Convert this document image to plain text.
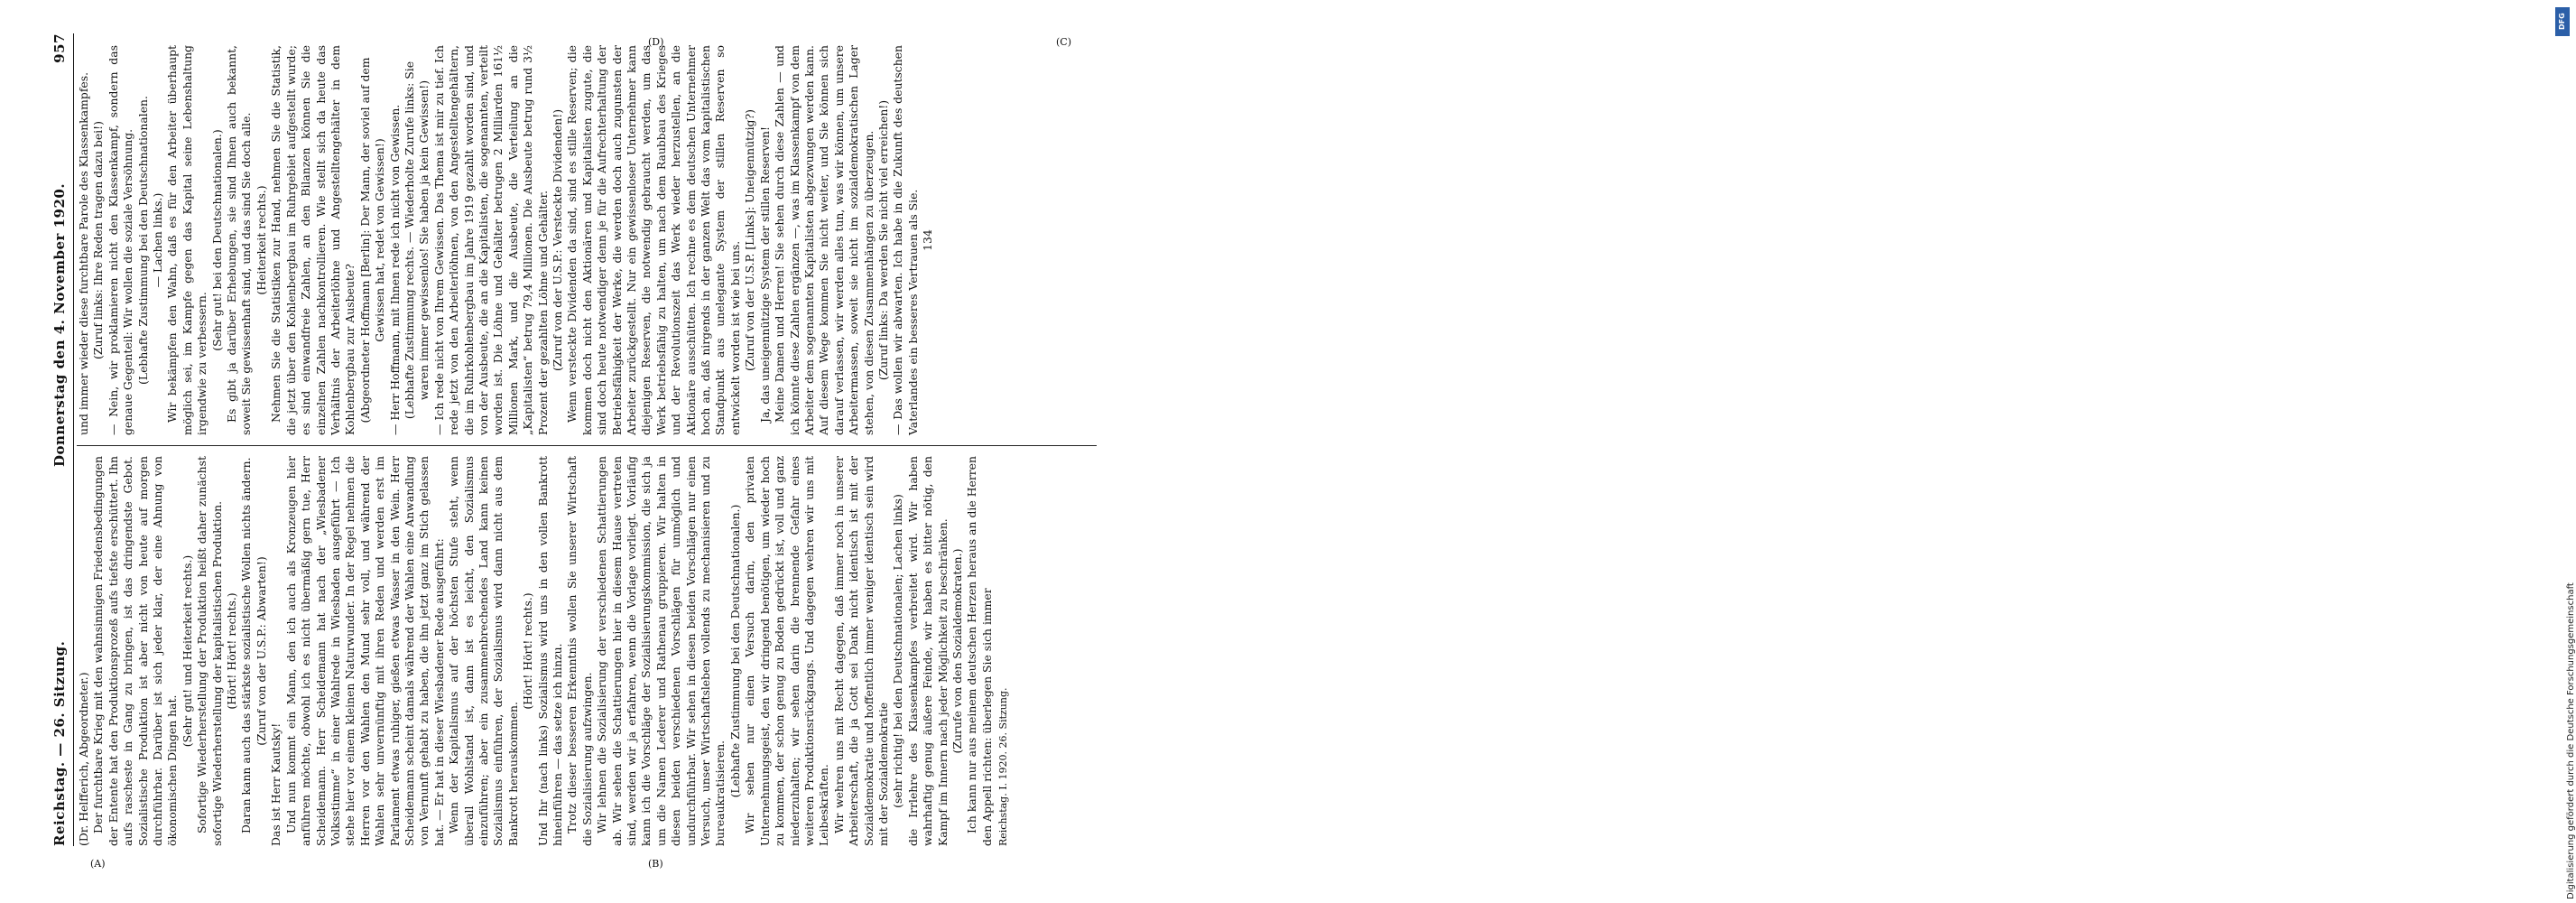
Reichstag. — 26. Sitzung.
Donnerstag den 4. November 1920.
957

(Dr. Helfferich, Abgeordneter.) Der furchtbare Krieg mit den wahnsinnigen Friedensbedingungen der Entente hat den Produktionsprozeß aufs tiefste erschüttert. Ihn aufs rascheste in Gang zu bringen, ist das dringendste Gebot. Sozialistische Produktion ist aber nicht von heute auf morgen durchführbar. Darüber ist sich jeder klar, der eine Ahnung von ökonomischen Dingen hat.

(Sehr gut! und Heiterkeit rechts.) Sofortige Wiederherstellung der Produktion heißt daher zunächst sofortige Wiederherstellung der kapitalistischen Produktion. (Hört! Hört! rechts.) Daran kann auch das stärkste sozialistische Wollen nichts ändern. (Zuruf von der U.S.P.: Abwarten!)

Das ist Herr Kautsky! Und nun kommt ein Mann, den ich auch als Kronzeugen hier anführen möchte, obwohl ich es nicht übermäßig gern tue, Herr Scheidemann. Herr Scheidemann hat nach der „Wiesbadener Volksstimme“ in einer Wahlrede in Wiesbaden ausgeführt — Ich stehe hier vor einem kleinen Naturwunder. In der Regel nehmen die Herren vor den Wahlen den Mund sehr voll, und während der Wahlen sehr unvernünftig mit ihren Reden und werden erst im Parlament etwas ruhiger, gießen etwas Wasser in den Wein. Herr Scheidemann scheint damals während der Wahlen eine Anwandlung von Vernunft gehabt zu haben, die ihn jetzt ganz im Stich gelassen hat. — Er hat in dieser Wiesbadener Rede ausgeführt: Wenn der Kapitalismus auf der höchsten Stufe steht, wenn überall Wohlstand ist, dann ist es leicht, den Sozialismus einzuführen; aber ein zusammenbrechendes Land kann keinen Sozialismus einführen, der Sozialismus wird dann nicht aus dem Bankrott herauskommen.

(Hört! Hört! rechts.) Und Ihr (nach links) Sozialismus wird uns in den vollen Bankrott hineinführen — das setze ich hinzu. Trotz dieser besseren Erkenntnis wollen Sie unserer Wirtschaft die Sozialisierung aufzwingen. Wir lehnen die Sozialisierung der verschiedenen Schattierungen ab. Wir sehen die Schattierungen hier in diesem Hause vertreten sind, werden wir ja erfahren, wenn die Vorlage vorliegt. Vorläufig kann ich die Vorschläge der Sozialisierungskommission, die sich ja um die Namen Lederer und Rathenau gruppieren. Wir halten in diesen beiden verschiedenen Vorschlägen für unmöglich und undurchführbar. Wir sehen in diesen beiden Vorschlägen nur einen Versuch, unser Wirtschaftsleben vollends zu mechanisieren und zu bureaukratisieren. (Lebhafte Zustimmung bei den Deutschnationalen.) Wir sehen nur einen Versuch darin, den privaten Unternehmungsgeist, den wir dringend benötigen, um wieder hoch zu kommen, der schon genug zu Boden gedrückt ist, voll und ganz niederzuhalten; wir sehen darin die brennende Gefahr eines weiteren Produktionsrückgangs. Und dagegen wehren wir uns mit Leibeskräften. Wir wehren uns mit Recht dagegen, daß immer noch in unserer Arbeiterschaft, die ja Gott sei Dank nicht identisch ist mit der Sozialdemokratie und hoffentlich immer weniger identisch sein wird mit der Sozialdemokratie (sehr richtig! bei den Deutschnationalen; Lachen links) die Irrlehre des Klassenkampfes verbreitet wird. Wir haben wahrhaftig genug äußere Feinde, wir haben es bitter nötig, den Kampf im Innern nach jeder Möglichkeit zu beschränken. (Zurufe von den Sozialdemokraten.) Ich kann nur aus meinem deutschen Herzen heraus an die Herren den Appell richten: überlegen Sie sich immer Reichstag. I. 1920. 26. Sitzung.

und immer wieder diese furchtbare Parole des Klassenkampfes. (Zuruf links: Ihre Reden tragen dazu bei!) — Nein, wir proklamieren nicht den Klassenkampf, sondern das genaue Gegenteil: Wir wollen die soziale Versöhnung. (Lebhafte Zustimmung bei den Deutschnationalen. — Lachen links.) Wir bekämpfen den Wahn, daß es für den Arbeiter überhaupt möglich sei, im Kampfe gegen das Kapital seine Lebenshaltung irgendwie zu verbessern.

(Sehr gut! bei den Deutschnationalen.) Es gibt ja darüber Erhebungen, sie sind Ihnen auch bekannt, soweit Sie gewissenhaft sind, und das sind Sie doch alle. (Heiterkeit rechts.) Nehmen Sie die Statistiken zur Hand, nehmen Sie die Statistik, die jetzt über den Kohlenbergbau im Ruhrgebiet aufgestellt wurde; es sind einwandfreie Zahlen, an den Bilanzen können Sie die einzelnen Zahlen nachkontrollieren. Wie stellt sich da heute das Verhältnis der Arbeiterlöhne und Angestelltengehälter in dem Kohlenbergbau zur Ausbeute? (Abgeordneter Hoffmann [Berlin]: Der Mann, der soviel auf dem Gewissen hat, redet von Gewissen!) — Herr Hoffmann, mit Ihnen rede ich nicht von Gewissen. (Lebhafte Zustimmung rechts. — Wiederholte Zurufe links: Sie waren immer gewissenlos! Sie haben ja kein Gewissen!) — Ich rede nicht von Ihrem Gewissen. Das Thema ist mir zu tief. Ich rede jetzt von den Arbeiterlöhnen, von den Angestelltengehältern, die im Ruhrkohlenbergbau im Jahre 1919 gezahlt worden sind, und von der Ausbeute, die an die Kapitalisten, die sogenannten, verteilt worden ist. Die Löhne und Gehälter betrugen 2 Milliarden 161½ Millionen Mark, und die Ausbeute, die Verteilung an die „Kapitalisten“ betrug 79,4 Millionen. Die Ausbeute betrug rund 3½ Prozent der gezahlten Löhne und Gehälter. (Zuruf von der U.S.P.: Versteckte Dividenden!) Wenn versteckte Dividenden da sind, sind es stille Reserven; die kommen doch nicht den Aktionären und Kapitalisten zugute, die sind doch heute notwendiger denn je für die Aufrechterhaltung der Betriebsfähigkeit der Werke, die werden doch auch zugunsten der Arbeiter zurückgestellt. Nur ein gewissenloser Unternehmer kann diejenigen Reserven, die notwendig gebraucht werden, um das Werk betriebsfähig zu halten, um nach dem Raubbau des Krieges und der Revolutionszeit das Werk wieder herzustellen, an die Aktionäre ausschütten. Ich rechne es dem deutschen Unternehmer hoch an, daß nirgends in der ganzen Welt das vom kapitalistischen Standpunkt aus unelegante System der stillen Reserven so entwickelt worden ist wie bei uns. (Zuruf von der U.S.P. [Links]: Uneigennützig?) Ja, das uneigennützige System der stillen Reserven! Meine Damen und Herren! Sie sehen durch diese Zahlen — und ich könnte diese Zahlen ergänzen —, was im Klassenkampf von dem Arbeiter dem sogenannten Kapitalisten abgezwungen werden kann. Auf diesem Wege kommen Sie nicht weiter, und Sie können sich darauf verlassen, wir werden alles tun, was wir können, um unsere Arbeitermassen, soweit sie nicht im sozialdemokratischen Lager stehen, von diesen Zusammenhängen zu überzeugen. (Zuruf links: Da werden Sie nicht viel erreichen!) — Das wollen wir abwarten. Ich habe in die Zukunft des deutschen Vaterlandes ein besseres Vertrauen als Sie. 134

(A)	(B)
(C)
(D)
DFG
Digitalisierung gefördert durch die Deutsche Forschungsgemeinschaft
